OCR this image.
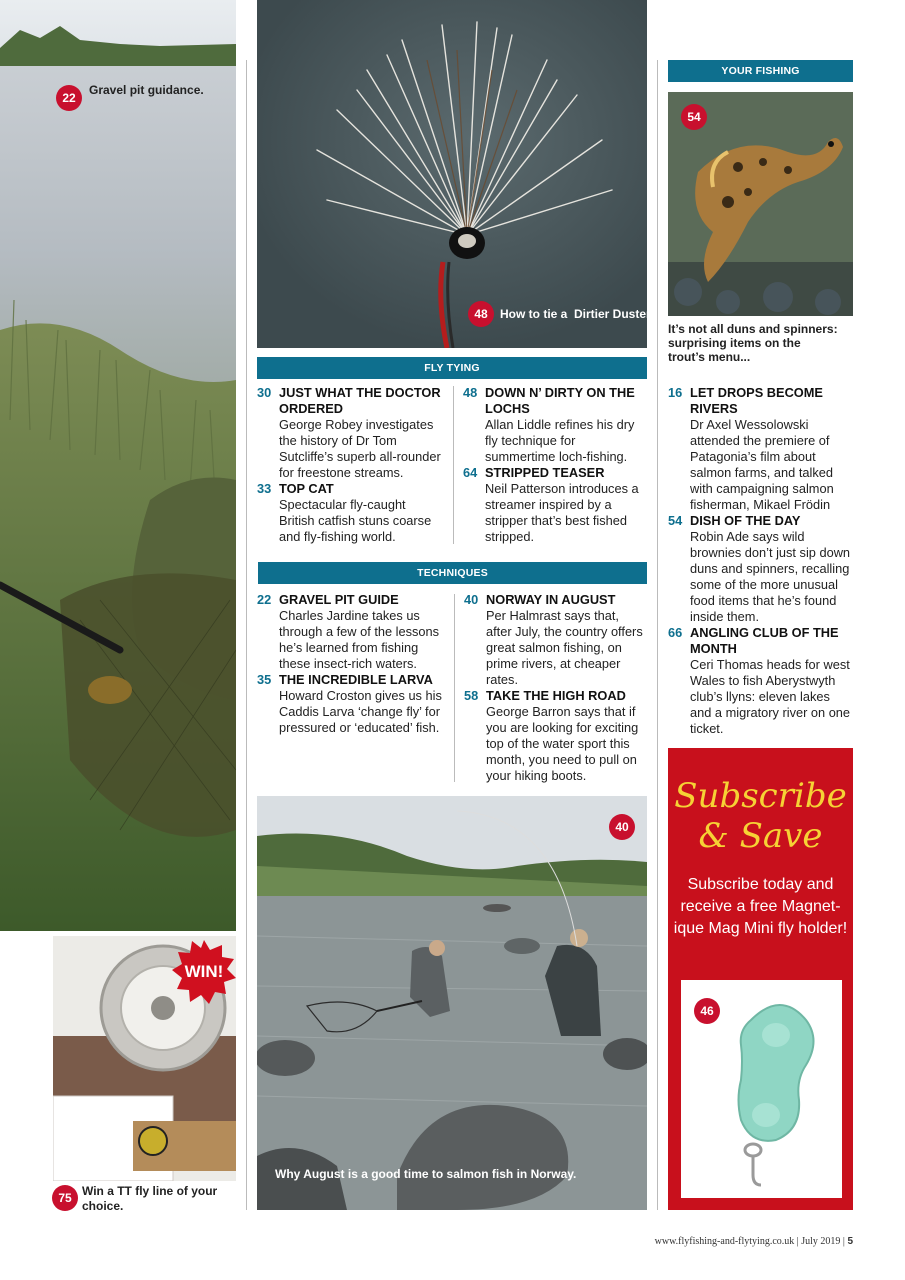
22
Gravel pit guidance.
WIN!
75 Win a TT fly line of your choice.
48	How to tie a  Dirtier Duster.
FLY TYING
30 JUST WHAT THE DOCTOR ORDERED
George Robey investigates the history of Dr Tom Sutcliffe’s superb all-rounder for freestone streams.
33 TOP CAT
Spectacular fly-caught British catfish stuns coarse and fly-fishing world.
48 DOWN N’ DIRTY ON THE LOCHS
Allan Liddle refines his dry fly technique for summertime loch-fishing.
64 STRIPPED TEASER
Neil Patterson introduces a streamer inspired by a stripper that’s best fished stripped.
TECHNIQUES
22 GRAVEL PIT GUIDE
Charles Jardine takes us through a few of the lessons he’s learned from fishing these insect-rich waters.
35 THE INCREDIBLE LARVA
Howard Croston gives us his Caddis Larva ‘change fly’ for pressured or ‘educated’ fish.
40 NORWAY IN AUGUST
Per Halmrast says that, after July, the country offers great salmon fishing, on prime rivers, at cheaper rates.
58 TAKE THE HIGH ROAD
George Barron says that if you are looking for exciting top of the water sport this month, you need to pull on your hiking boots.
40
Why August is a good time to salmon fish in Norway.
YOUR FISHING
54
It’s not all duns and spinners: surprising items on the trout’s menu...
16 LET DROPS BECOME RIVERS
Dr Axel Wessolowski attended the premiere of Patagonia’s film about salmon farms, and talked with campaigning salmon fisherman, Mikael Frödin
54 DISH OF THE DAY
Robin Ade says wild brownies don’t just sip down duns and spinners, recalling some of the more unusual food items that he’s found inside them.
66 ANGLING CLUB OF THE MONTH
Ceri Thomas heads for west Wales to fish Aberystwyth club’s llyns: eleven lakes and a migratory river on one ticket.
Subscribe
& Save
Subscribe today and receive a free Magnet-ique Mag Mini fly holder!
46
www.flyfishing-and-flytying.co.uk | July 2019 | 5
